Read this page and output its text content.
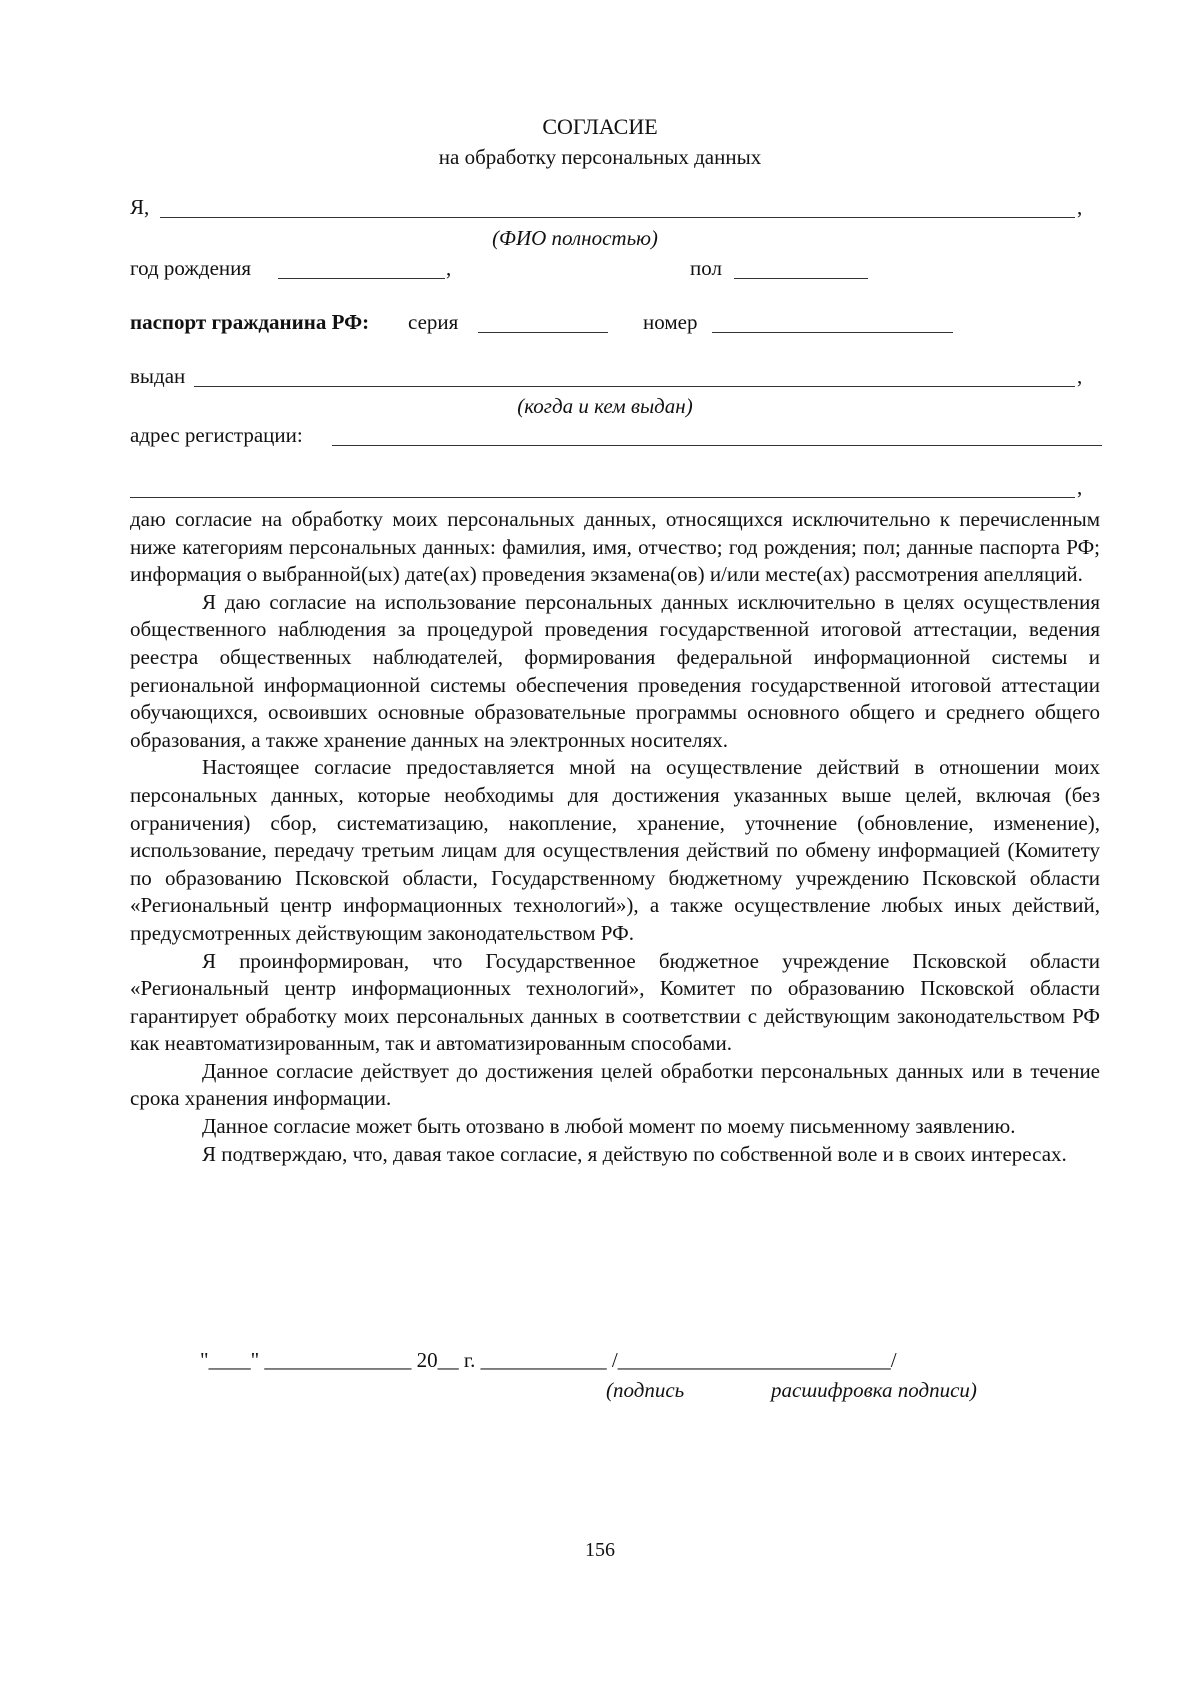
СОГЛАСИЕ
на обработку персональных данных
Я,	,
(ФИО полностью)
год рождения	,	пол
паспорт гражданина РФ: серия	номер
выдан	,
(когда и кем выдан)
адрес регистрации:
,

даю согласие на обработку моих персональных данных, относящихся исключительно к перечисленным ниже категориям персональных данных: фамилия, имя, отчество; год рождения; пол; данные паспорта РФ; информация о выбранной(ых) дате(ах) проведения экзамена(ов) и/или месте(ах) рассмотрения апелляций.

Я даю согласие на использование персональных данных исключительно в целях осуществления общественного наблюдения за процедурой проведения государственной итоговой аттестации, ведения реестра общественных наблюдателей, формирования федеральной информационной системы и региональной информационной системы обеспечения проведения государственной итоговой аттестации обучающихся, освоивших основные образовательные программы основного общего и среднего общего образования, а также хранение данных на электронных носителях.

Настоящее согласие предоставляется мной на осуществление действий в отношении моих персональных данных, которые необходимы для достижения указанных выше целей, включая (без ограничения) сбор, систематизацию, накопление, хранение, уточнение (обновление, изменение), использование, передачу третьим лицам для осуществления действий по обмену информацией (Комитету по образованию Псковской области, Государственному бюджетному учреждению Псковской области «Региональный центр информационных технологий»), а также осуществление любых иных действий, предусмотренных действующим законодательством РФ.

Я проинформирован, что Государственное бюджетное учреждение Псковской области «Региональный центр информационных технологий», Комитет по образованию Псковской области гарантирует обработку моих персональных данных в соответствии с действующим законодательством РФ как неавтоматизированным, так и автоматизированным способами.

Данное согласие действует до достижения целей обработки персональных данных или в течение срока хранения информации.

Данное согласие может быть отозвано в любой момент по моему письменному заявлению.

Я подтверждаю, что, давая такое согласие, я действую по собственной воле и в своих интересах.

"____" ______________ 20__ г. ____________ /__________________________/
(подпись	расшифровка подписи)
156
